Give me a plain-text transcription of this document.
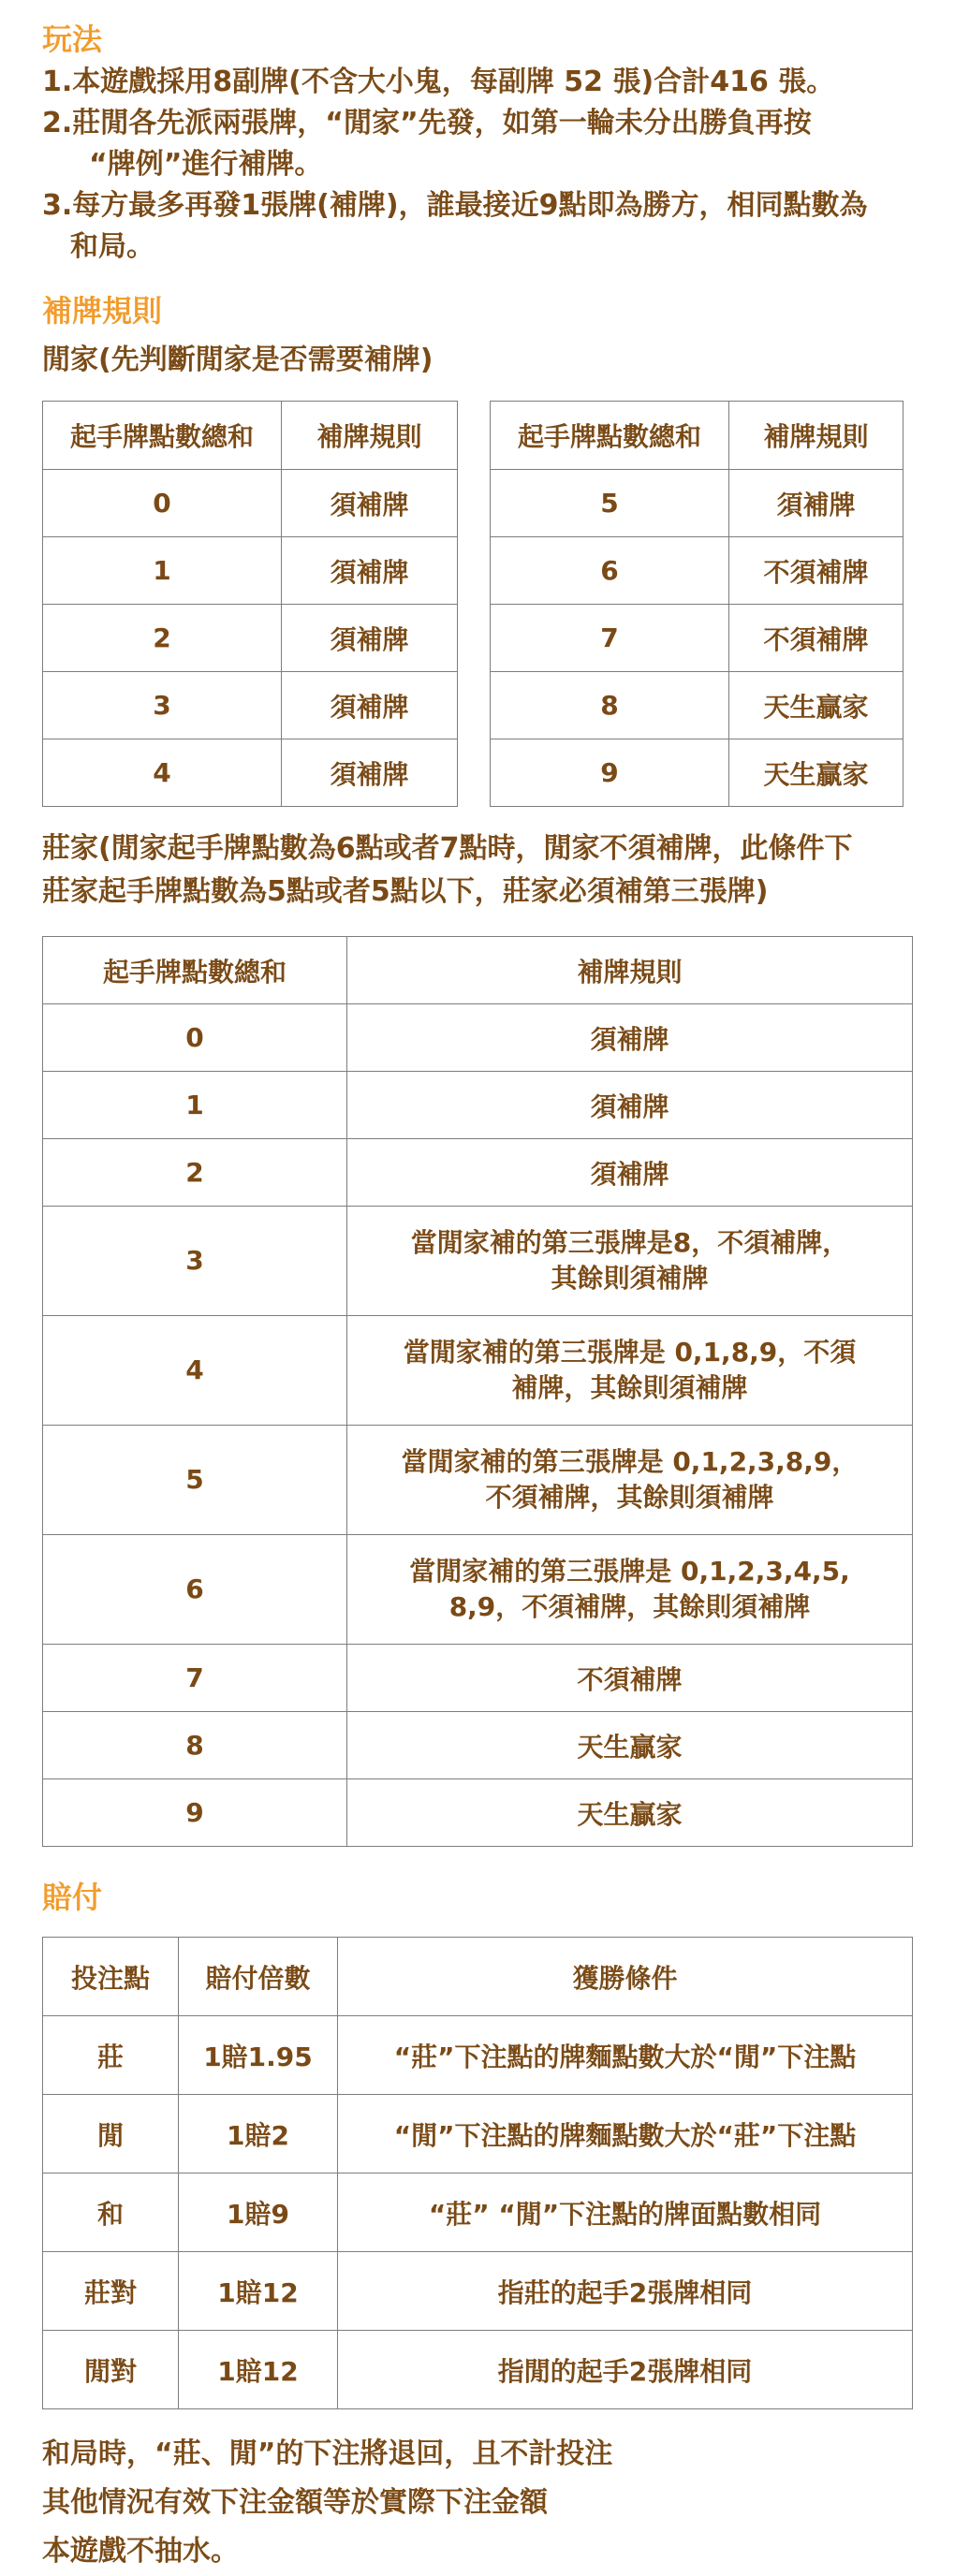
玩法

1.本遊戲採用8副牌(不含大小鬼，每副牌 52 張)合計416 張。

2.莊閒各先派兩張牌，“閒家”先發，如第一輪未分出勝負再按

“牌例”進行補牌。

3.每方最多再發1張牌(補牌)，誰最接近9點即為勝方，相同點數為

和局。

補牌規則

閒家(先判斷閒家是否需要補牌)

起手牌點數總和	補牌規則
0	須補牌
1	須補牌
2	須補牌
3	須補牌
4	須補牌
起手牌點數總和	補牌規則
5	須補牌
6	不須補牌
7	不須補牌
8	天生贏家
9	天生贏家

莊家(閒家起手牌點數為6點或者7點時，閒家不須補牌，此條件下

莊家起手牌點數為5點或者5點以下，莊家必須補第三張牌)

起手牌點數總和	補牌規則
0	須補牌
1	須補牌
2	須補牌
3	當閒家補的第三張牌是8，不須補牌，
其餘則須補牌
4	當閒家補的第三張牌是 0,1,8,9，不須
補牌，其餘則須補牌
5	當閒家補的第三張牌是 0,1,2,3,8,9，
不須補牌，其餘則須補牌
6	當閒家補的第三張牌是 0,1,2,3,4,5,
8,9，不須補牌，其餘則須補牌
7	不須補牌
8	天生贏家
9	天生贏家
賠付
投注點	賠付倍數	獲勝條件
莊	1賠1.95	“莊”下注點的牌麵點數大於“閒”下注點
閒	1賠2	“閒”下注點的牌麵點數大於“莊”下注點
和	1賠9	“莊” “閒”下注點的牌面點數相同
莊對	1賠12	指莊的起手2張牌相同
閒對	1賠12	指閒的起手2張牌相同

和局時，“莊、閒”的下注將退回，且不計投注

其他情況有效下注金額等於實際下注金額

本遊戲不抽水。
